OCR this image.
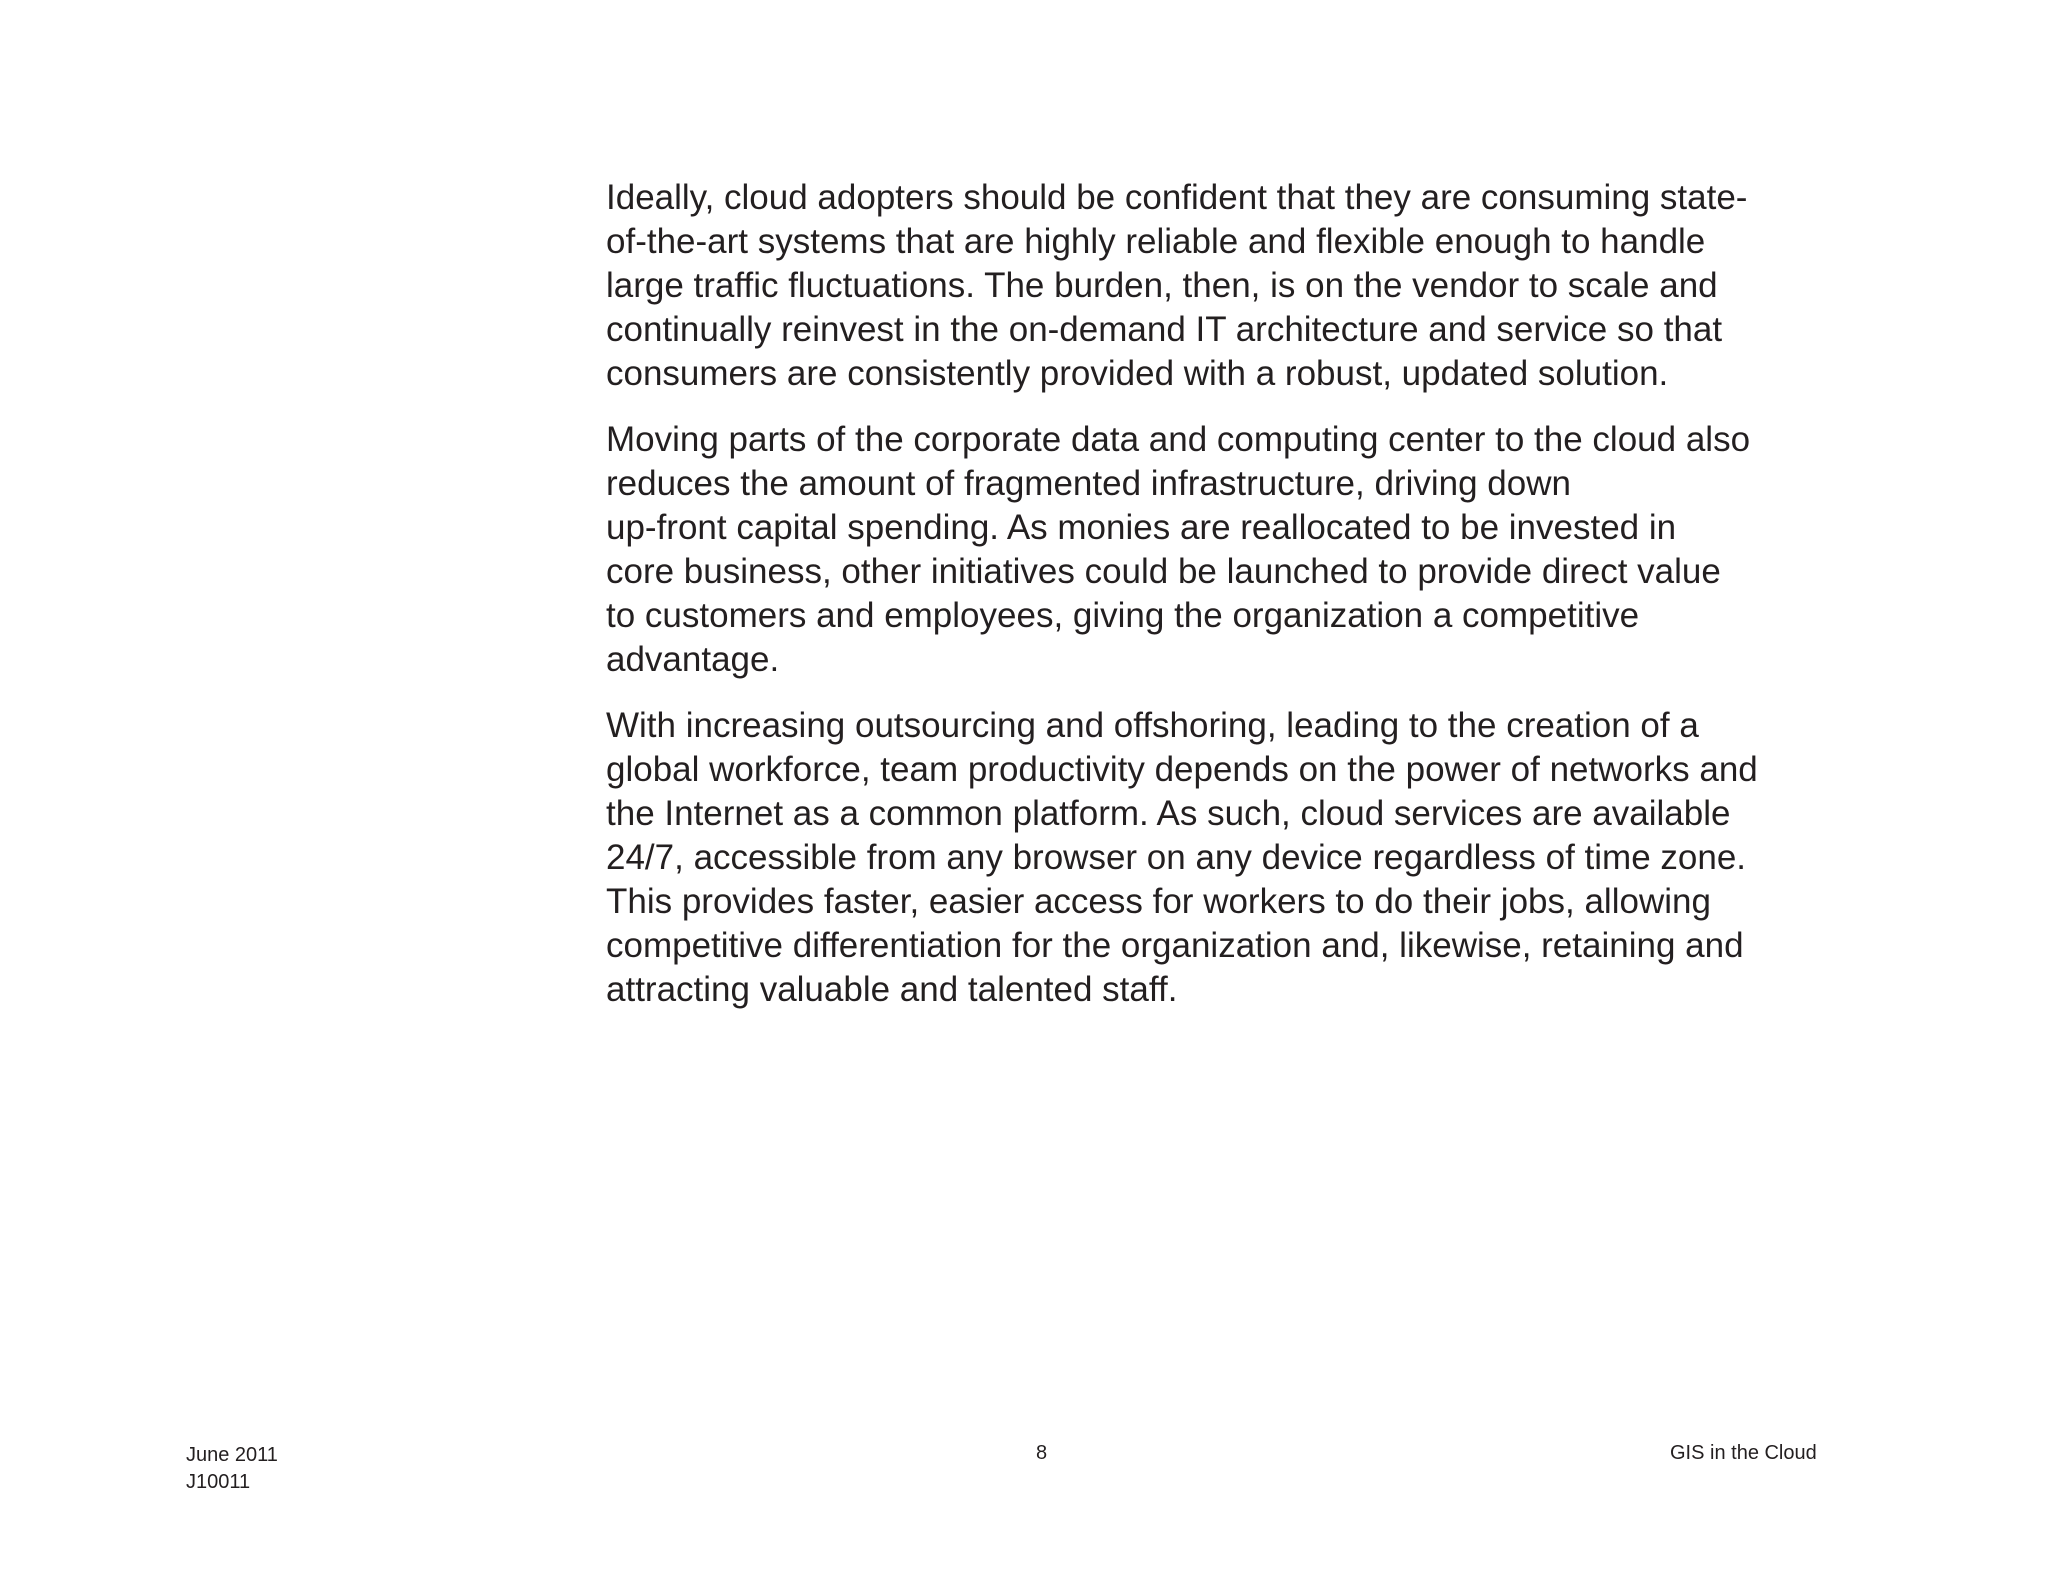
Ideally, cloud adopters should be confident that they are consuming state-
of-the-art systems that are highly reliable and flexible enough to handle
large traffic fluctuations. The burden, then, is on the vendor to scale and
continually reinvest in the on-demand IT architecture and service so that
consumers are consistently provided with a robust, updated solution.
Moving parts of the corporate data and computing center to the cloud also
reduces the amount of fragmented infrastructure, driving down
up-front capital spending. As monies are reallocated to be invested in
core business, other initiatives could be launched to provide direct value
to customers and employees, giving the organization a competitive
advantage.
With increasing outsourcing and offshoring, leading to the creation of a
global workforce, team productivity depends on the power of networks and
the Internet as a common platform. As such, cloud services are available
24/7, accessible from any browser on any device regardless of time zone.
This provides faster, easier access for workers to do their jobs, allowing
competitive differentiation for the organization and, likewise, retaining and
attracting valuable and talented staff.
June 2011
J10011
8	GIS in the Cloud
